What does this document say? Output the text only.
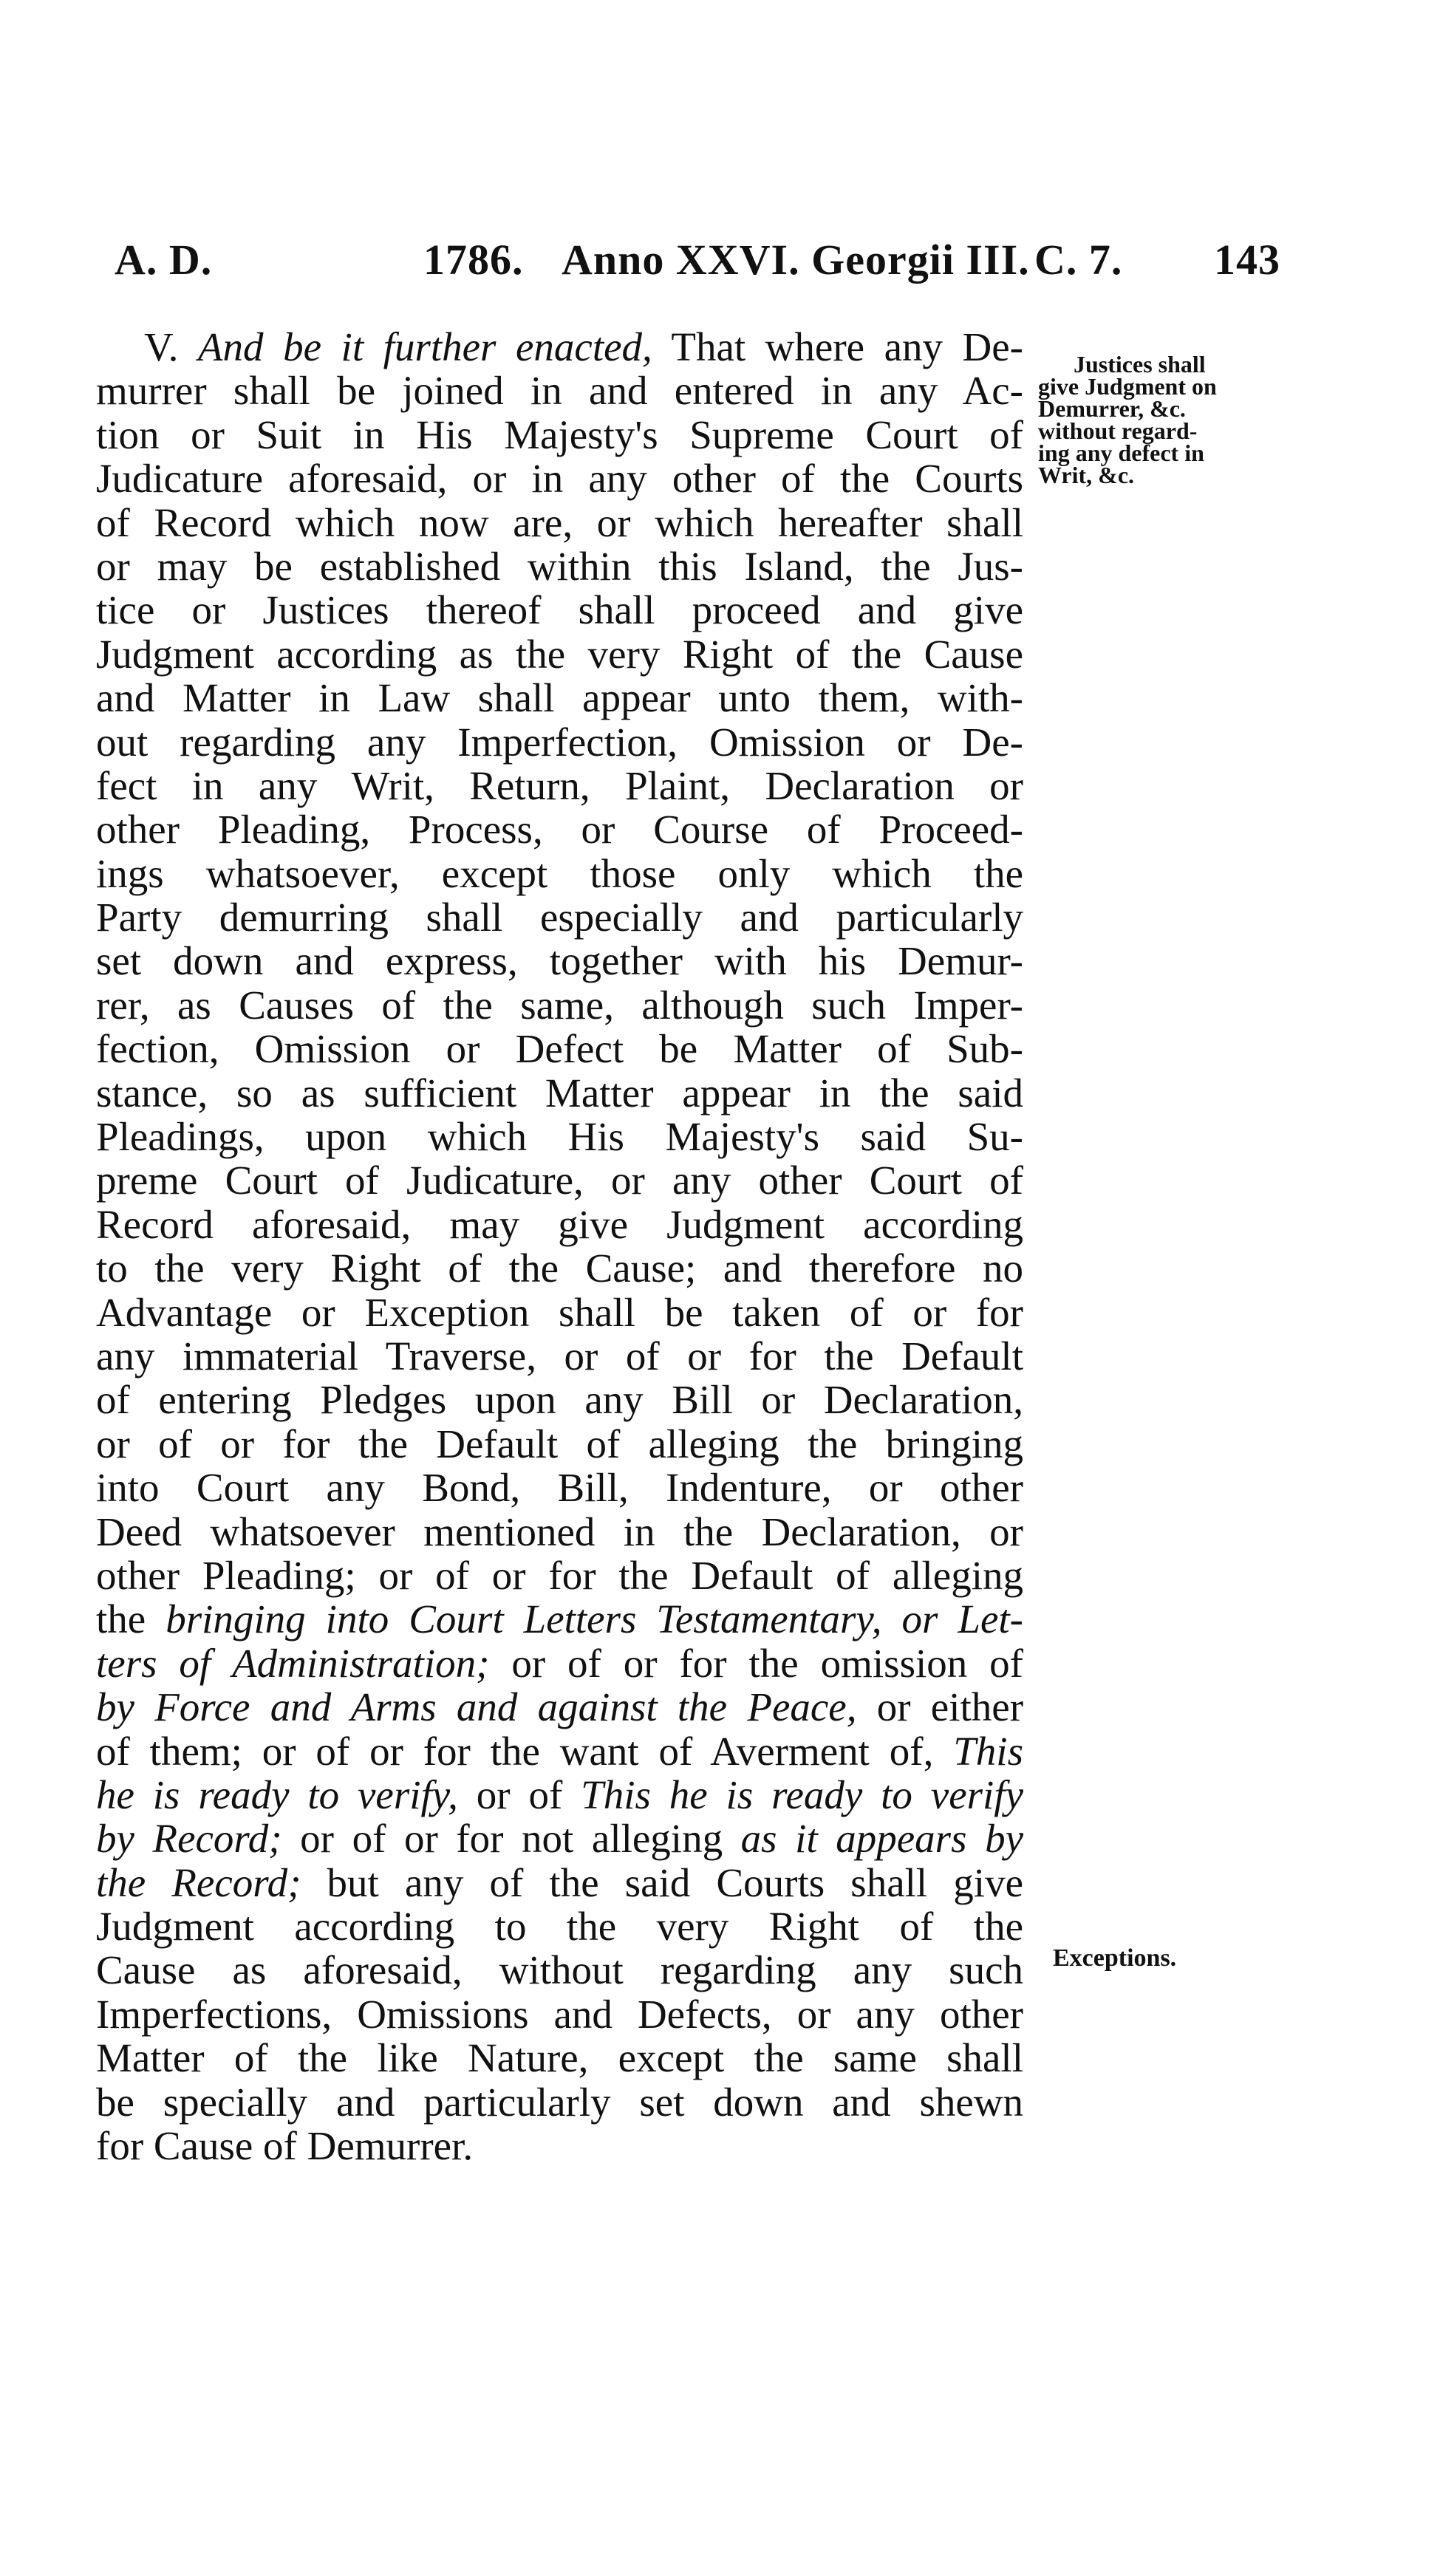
A. D.	1786. Anno XXVI. Georgii III. C. 7. 143
V. And be it further enacted, That where any De-
murrer shall be joined in and entered in any Ac-
tion or Suit in His Majesty's Supreme Court of
Judicature aforesaid, or in any other of the Courts
of Record which now are, or which hereafter shall
or may be established within this Island, the Jus-
tice or Justices thereof shall proceed and give
Judgment according as the very Right of the Cause
and Matter in Law shall appear unto them, with-
out regarding any Imperfection, Omission or De-
fect in any Writ, Return, Plaint, Declaration or
other Pleading, Process, or Course of Proceed-
ings whatsoever, except those only which the
Party demurring shall especially and particularly
set down and express, together with his Demur-
rer, as Causes of the same, although such Imper-
fection, Omission or Defect be Matter of Sub-
stance, so as sufficient Matter appear in the said
Pleadings, upon which His Majesty's said Su-
preme Court of Judicature, or any other Court of
Record aforesaid, may give Judgment according
to the very Right of the Cause; and therefore no
Advantage or Exception shall be taken of or for
any immaterial Traverse, or of or for the Default
of entering Pledges upon any Bill or Declaration,
or of or for the Default of alleging the bringing
into Court any Bond, Bill, Indenture, or other
Deed whatsoever mentioned in the Declaration, or
other Pleading; or of or for the Default of alleging
the bringing into Court Letters Testamentary, or Let-
ters of Administration; or of or for the omission of
by Force and Arms and against the Peace, or either
of them; or of or for the want of Averment of, This
he is ready to verify, or of This he is ready to verify
by Record; or of or for not alleging as it appears by
the Record; but any of the said Courts shall give
Judgment according to the very Right of the
Cause as aforesaid, without regarding any such
Imperfections, Omissions and Defects, or any other
Matter of the like Nature, except the same shall
be specially and particularly set down and shewn
for Cause of Demurrer.
Justices shall
give Judgment on
Demurrer, &c.
without regard-
ing any defect in
Writ, &c.
Exceptions.
